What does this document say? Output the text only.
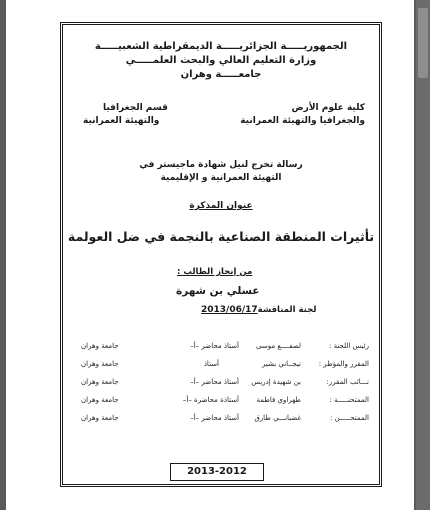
الجمهوريـــــة الجزائريـــــة الديمقراطية الشعبيـــــة
وزارة التعليم العالي والبحث العلمـــــي
جامعـــــة وهران
كلية علوم الأرض
والجغرافيا والتهيئة العمرانية
قسم الجغرافيا
والتهيئة العمرانية
رسالة تخرج لنيل شهادة ماجيستر في
التهيئة العمرانية و الإقليمية
عنوان المذكرة
تأثيرات المنطقة الصناعية بالنجمة في ضل العولمة
من إنجاز الطالب :
عسلي بن شهرة
لجنة المناقشة2013/06/17
رئيس اللجنة :
لصفــــع موسى
أستاذ محاضر –أ–
جامعة وهران
المقرر والمؤطر :
تيجــاني بشير
أستاذ
جامعة وهران
نـــائب المقرر:
بن شهيدة إدريس
أستاذ محاضر –أ–
جامعة وهران
الممتحنـــــة :
طهراوي فاطمة
أستاذة محاضرة –أ–
جامعة وهران
الممتحـــــن :
غضبانـــي طارق
أستاذ محاضر –أ–
جامعة وهران
2013-2012
